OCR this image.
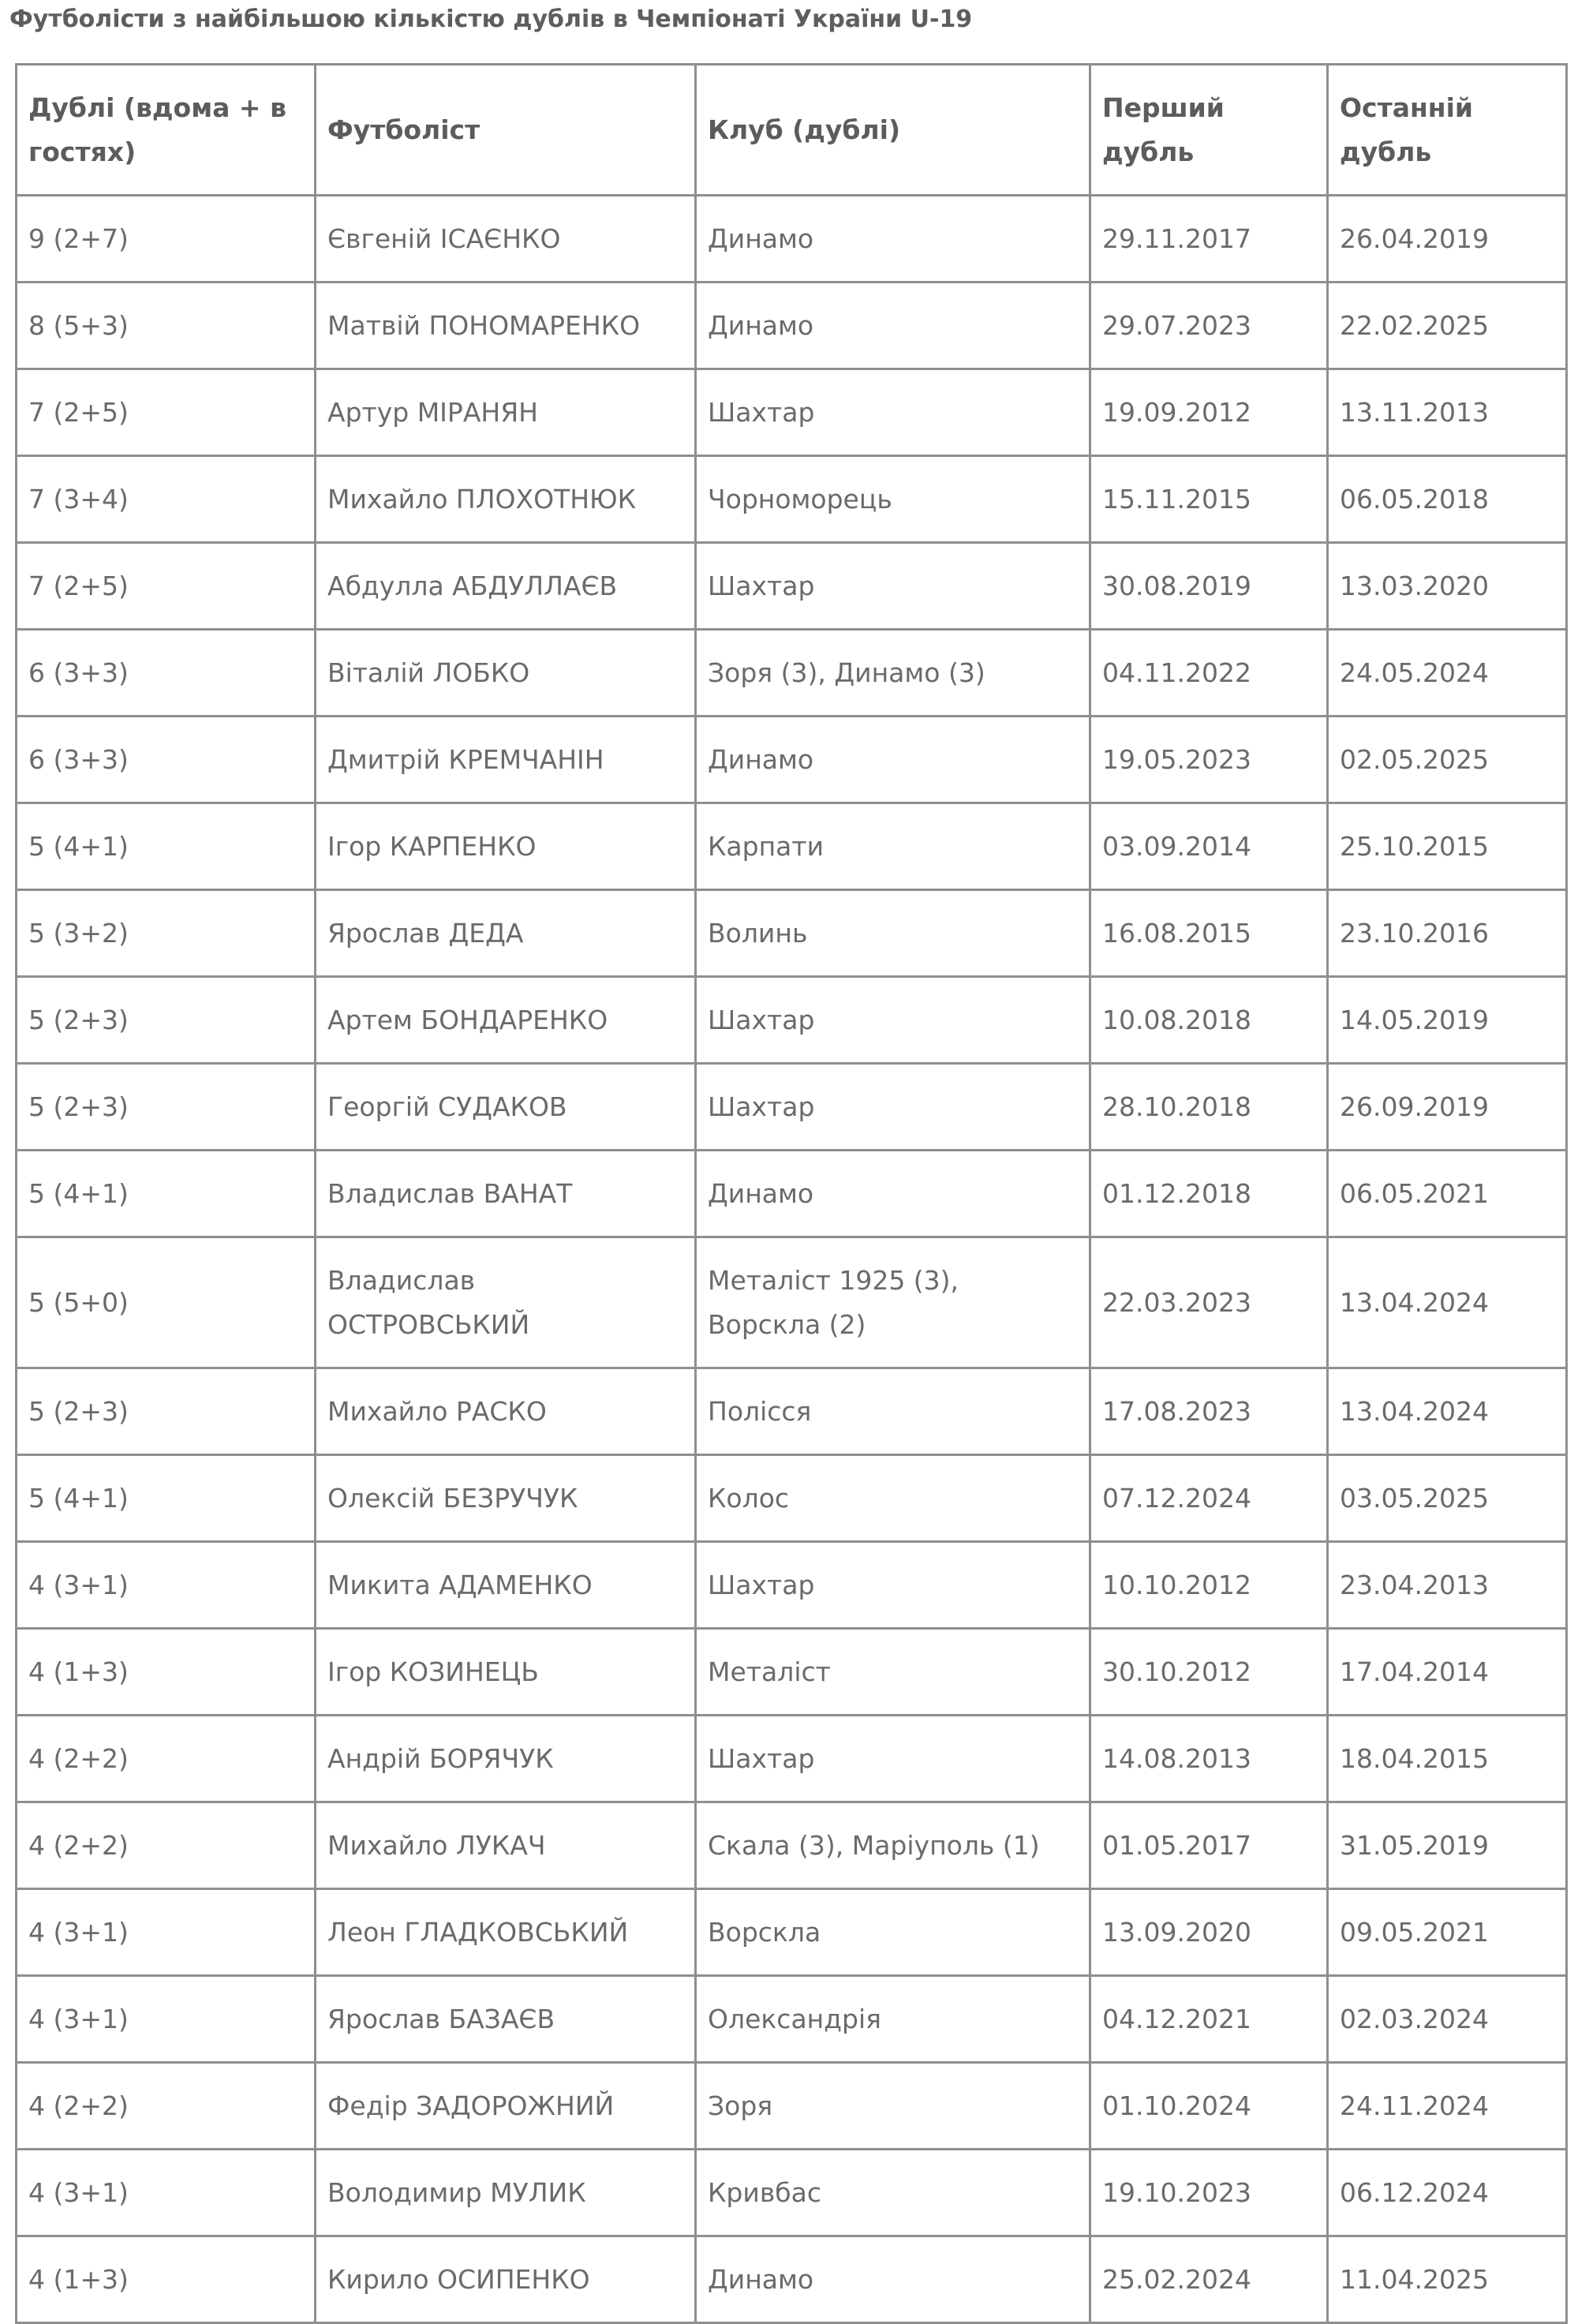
Футболісти з найбільшою кількістю дублів в Чемпіонаті України U-19
Дублі (вдома + в гостях)	Футболіст	Клуб (дублі)	Перший дубль	Останній дубль
9 (2+7)	Євгеній ІСАЄНКО	Динамо	29.11.2017	26.04.2019
8 (5+3)	Матвій ПОНОМАРЕНКО	Динамо	29.07.2023	22.02.2025
7 (2+5)	Артур МІРАНЯН	Шахтар	19.09.2012	13.11.2013
7 (3+4)	Михайло ПЛОХОТНЮК	Чорноморець	15.11.2015	06.05.2018
7 (2+5)	Абдулла АБДУЛЛАЄВ	Шахтар	30.08.2019	13.03.2020
6 (3+3)	Віталій ЛОБКО	Зоря (3), Динамо (3)	04.11.2022	24.05.2024
6 (3+3)	Дмитрій КРЕМЧАНІН	Динамо	19.05.2023	02.05.2025
5 (4+1)	Ігор КАРПЕНКО	Карпати	03.09.2014	25.10.2015
5 (3+2)	Ярослав ДЕДА	Волинь	16.08.2015	23.10.2016
5 (2+3)	Артем БОНДАРЕНКО	Шахтар	10.08.2018	14.05.2019
5 (2+3)	Георгій СУДАКОВ	Шахтар	28.10.2018	26.09.2019
5 (4+1)	Владислав ВАНАТ	Динамо	01.12.2018	06.05.2021
5 (5+0)	Владислав ОСТРОВСЬКИЙ	Металіст 1925 (3), Ворскла (2)	22.03.2023	13.04.2024
5 (2+3)	Михайло РАСКО	Полісся	17.08.2023	13.04.2024
5 (4+1)	Олексій БЕЗРУЧУК	Колос	07.12.2024	03.05.2025
4 (3+1)	Микита АДАМЕНКО	Шахтар	10.10.2012	23.04.2013
4 (1+3)	Ігор КОЗИНЕЦЬ	Металіст	30.10.2012	17.04.2014
4 (2+2)	Андрій БОРЯЧУК	Шахтар	14.08.2013	18.04.2015
4 (2+2)	Михайло ЛУКАЧ	Скала (3), Маріуполь (1)	01.05.2017	31.05.2019
4 (3+1)	Леон ГЛАДКОВСЬКИЙ	Ворскла	13.09.2020	09.05.2021
4 (3+1)	Ярослав БАЗАЄВ	Олександрія	04.12.2021	02.03.2024
4 (2+2)	Федір ЗАДОРОЖНИЙ	Зоря	01.10.2024	24.11.2024
4 (3+1)	Володимир МУЛИК	Кривбас	19.10.2023	06.12.2024
4 (1+3)	Кирило ОСИПЕНКО	Динамо	25.02.2024	11.04.2025
